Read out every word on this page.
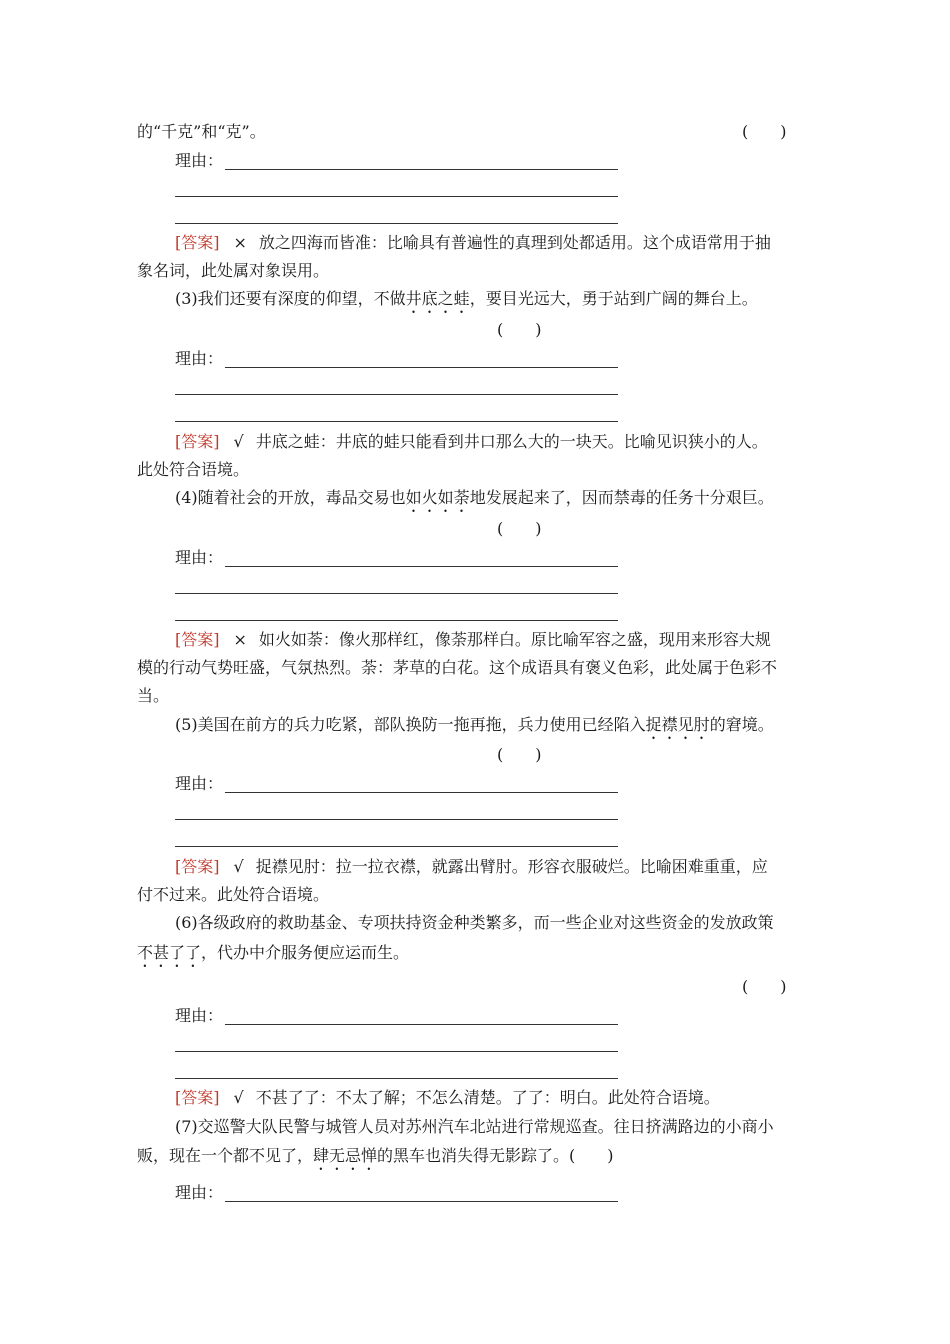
的“千克”和“克”。	(　　)
理由：
[答案] × 放之四海而皆准：比喻具有普遍性的真理到处都适用。这个成语常用于抽
象名词，此处属对象误用。
(3)我们还要有深度的仰望，不做井底之蛙，要目光远大，勇于站到广阔的舞台上。
(　　)
理由：
[答案] √ 井底之蛙：井底的蛙只能看到井口那么大的一块天。比喻见识狭小的人。
此处符合语境。
(4)随着社会的开放，毒品交易也如火如荼地发展起来了，因而禁毒的任务十分艰巨。
(　　)
理由：
[答案] × 如火如荼：像火那样红，像荼那样白。原比喻军容之盛，现用来形容大规
模的行动气势旺盛，气氛热烈。荼：茅草的白花。这个成语具有褒义色彩，此处属于色彩不
当。
(5)美国在前方的兵力吃紧，部队换防一拖再拖，兵力使用已经陷入捉襟见肘的窘境。
(　　)
理由：
[答案] √ 捉襟见肘：拉一拉衣襟，就露出臂肘。形容衣服破烂。比喻困难重重，应
付不过来。此处符合语境。
(6)各级政府的救助基金、专项扶持资金种类繁多，而一些企业对这些资金的发放政策
不甚了了，代办中介服务便应运而生。
(　　)
理由：
[答案] √ 不甚了了：不太了解；不怎么清楚。了了：明白。此处符合语境。
(7)交巡警大队民警与城管人员对苏州汽车北站进行常规巡查。往日挤满路边的小商小
贩，现在一个都不见了，肆无忌惮的黑车也消失得无影踪了。(　　)
理由：
